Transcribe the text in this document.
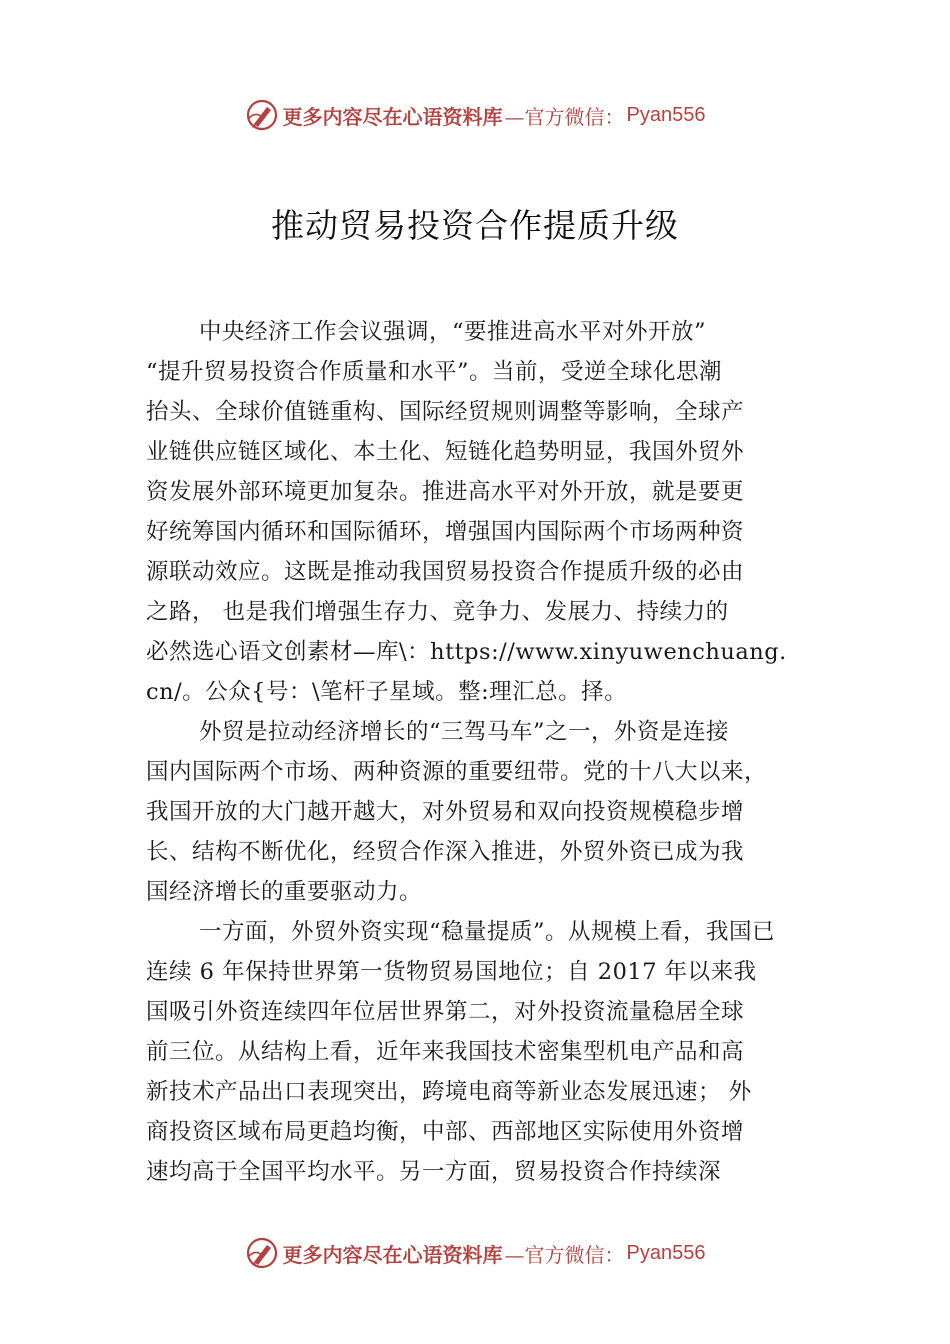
更多内容尽在心语资料库 —官方微信： Pyan556
推动贸易投资合作提质升级
中央经济工作会议强调，“要推进高水平对外开放”
“提升贸易投资合作质量和水平”。当前，受逆全球化思潮
抬头、全球价值链重构、国际经贸规则调整等影响，全球产
业链供应链区域化、本土化、短链化趋势明显，我国外贸外
资发展外部环境更加复杂。推进高水平对外开放，就是要更
好统筹国内循环和国际循环，增强国内国际两个市场两种资
源联动效应。这既是推动我国贸易投资合作提质升级的必由
之路， 也是我们增强生存力、竞争力、发展力、持续力的
必然选心语文创素材—库\：https://www.xinyuwenchuang.
cn/。公众{号：\笔杆子星域。整:理汇总。择。
外贸是拉动经济增长的“三驾马车”之一，外资是连接
国内国际两个市场、两种资源的重要纽带。党的十八大以来，
我国开放的大门越开越大，对外贸易和双向投资规模稳步增
长、结构不断优化，经贸合作深入推进，外贸外资已成为我
国经济增长的重要驱动力。
一方面，外贸外资实现“稳量提质”。从规模上看，我国已
连续 6 年保持世界第一货物贸易国地位；自 2017 年以来我
国吸引外资连续四年位居世界第二，对外投资流量稳居全球
前三位。从结构上看，近年来我国技术密集型机电产品和高
新技术产品出口表现突出，跨境电商等新业态发展迅速； 外
商投资区域布局更趋均衡，中部、西部地区实际使用外资增
速均高于全国平均水平。另一方面，贸易投资合作持续深
更多内容尽在心语资料库 —官方微信： Pyan556
